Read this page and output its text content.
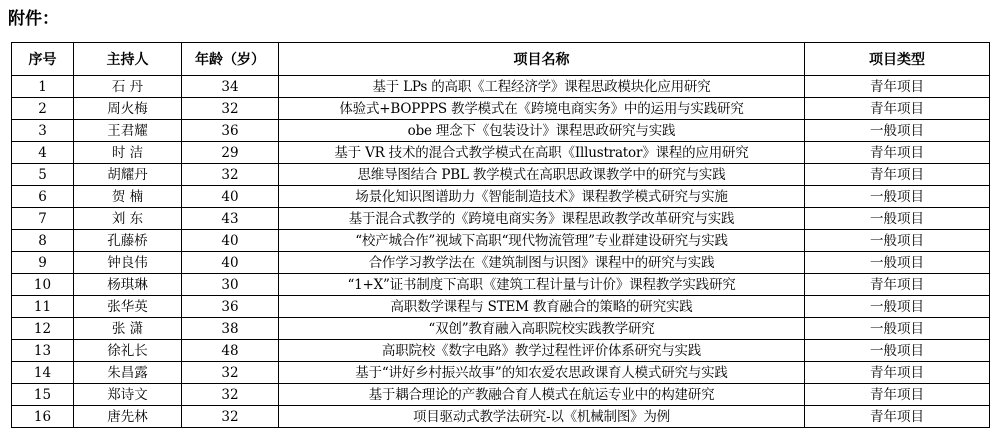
附件：
序号	主持人	年龄（岁）	项目名称	项目类型
1	石 丹	34	基于 LPs 的高职《工程经济学》课程思政模块化应用研究	青年项目
2	周火梅	32	体验式+BOPPPS 教学模式在《跨境电商实务》中的运用与实践研究	青年项目
3	王君耀	36	obe 理念下《包装设计》课程思政研究与实践	一般项目
4	时 洁	29	基于 VR 技术的混合式教学模式在高职《Illustrator》课程的应用研究	青年项目
5	胡耀丹	32	思维导图结合 PBL 教学模式在高职思政课教学中的研究与实践	青年项目
6	贺 楠	40	场景化知识图谱助力《智能制造技术》课程教学模式研究与实施	一般项目
7	刘 东	43	基于混合式教学的《跨境电商实务》课程思政教学改革研究与实践	一般项目
8	孔藤桥	40	“校产城合作”视域下高职“现代物流管理”专业群建设研究与实践	一般项目
9	钟良伟	40	合作学习教学法在《建筑制图与识图》课程中的研究与实践	一般项目
10	杨琪琳	30	“1+X”证书制度下高职《建筑工程计量与计价》课程教学实践研究	青年项目
11	张华英	36	高职数学课程与 STEM 教育融合的策略的研究实践	一般项目
12	张 潇	38	“双创”教育融入高职院校实践教学研究	一般项目
13	徐礼长	48	高职院校《数字电路》教学过程性评价体系研究与实践	一般项目
14	朱昌露	32	基于“讲好乡村振兴故事”的知农爱农思政课育人模式研究与实践	青年项目
15	郑诗文	32	基于耦合理论的产教融合育人模式在航运专业中的构建研究	青年项目
16	唐先林	32	项目驱动式教学法研究-以《机械制图》为例	青年项目
